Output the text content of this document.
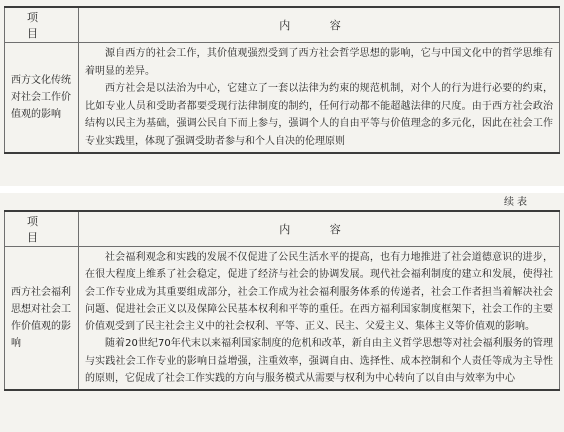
项 目	内 容
西方文化传统对社会工作价值观的影响	源自西方的社会工作，其价值观强烈受到了西方社会哲学思想的影响，它与中国文化中的哲学思维有着明显的差异。

西方社会是以法治为中心，它建立了一套以法律为约束的规范机制，对个人的行为进行必要的约束，比如专业人员和受助者都要受现行法律制度的制约，任何行动都不能超越法律的尺度。由于西方社会政治结构以民主为基础，强调公民自下而上参与，强调个人的自由平等与价值理念的多元化，因此在社会工作专业实践里，体现了强调受助者参与和个人自决的伦理原则

续表
项 目	内 容
西方社会福利思想对社会工作价值观的影响	社会福利观念和实践的发展不仅促进了公民生活水平的提高，也有力地推进了社会道德意识的进步，在很大程度上维系了社会稳定，促进了经济与社会的协调发展。现代社会福利制度的建立和发展，使得社会工作专业成为其重要组成部分，社会工作成为社会福利服务体系的传递者，社会工作者担当着解决社会问题、促进社会正义以及保障公民基本权利和平等的重任。在西方福利国家制度框架下，社会工作的主要价值观受到了民主社会主义中的社会权利、平等、正义、民主、父爱主义、集体主义等价值观的影响。

随着20世纪70年代末以来福利国家制度的危机和改革，新自由主义哲学思想等对社会福利服务的管理与实践社会工作专业的影响日益增强，注重效率，强调自由、选择性、成本控制和个人责任等成为主导性的原则，它促成了社会工作实践的方向与服务模式从需要与权利为中心转向了以自由与效率为中心
